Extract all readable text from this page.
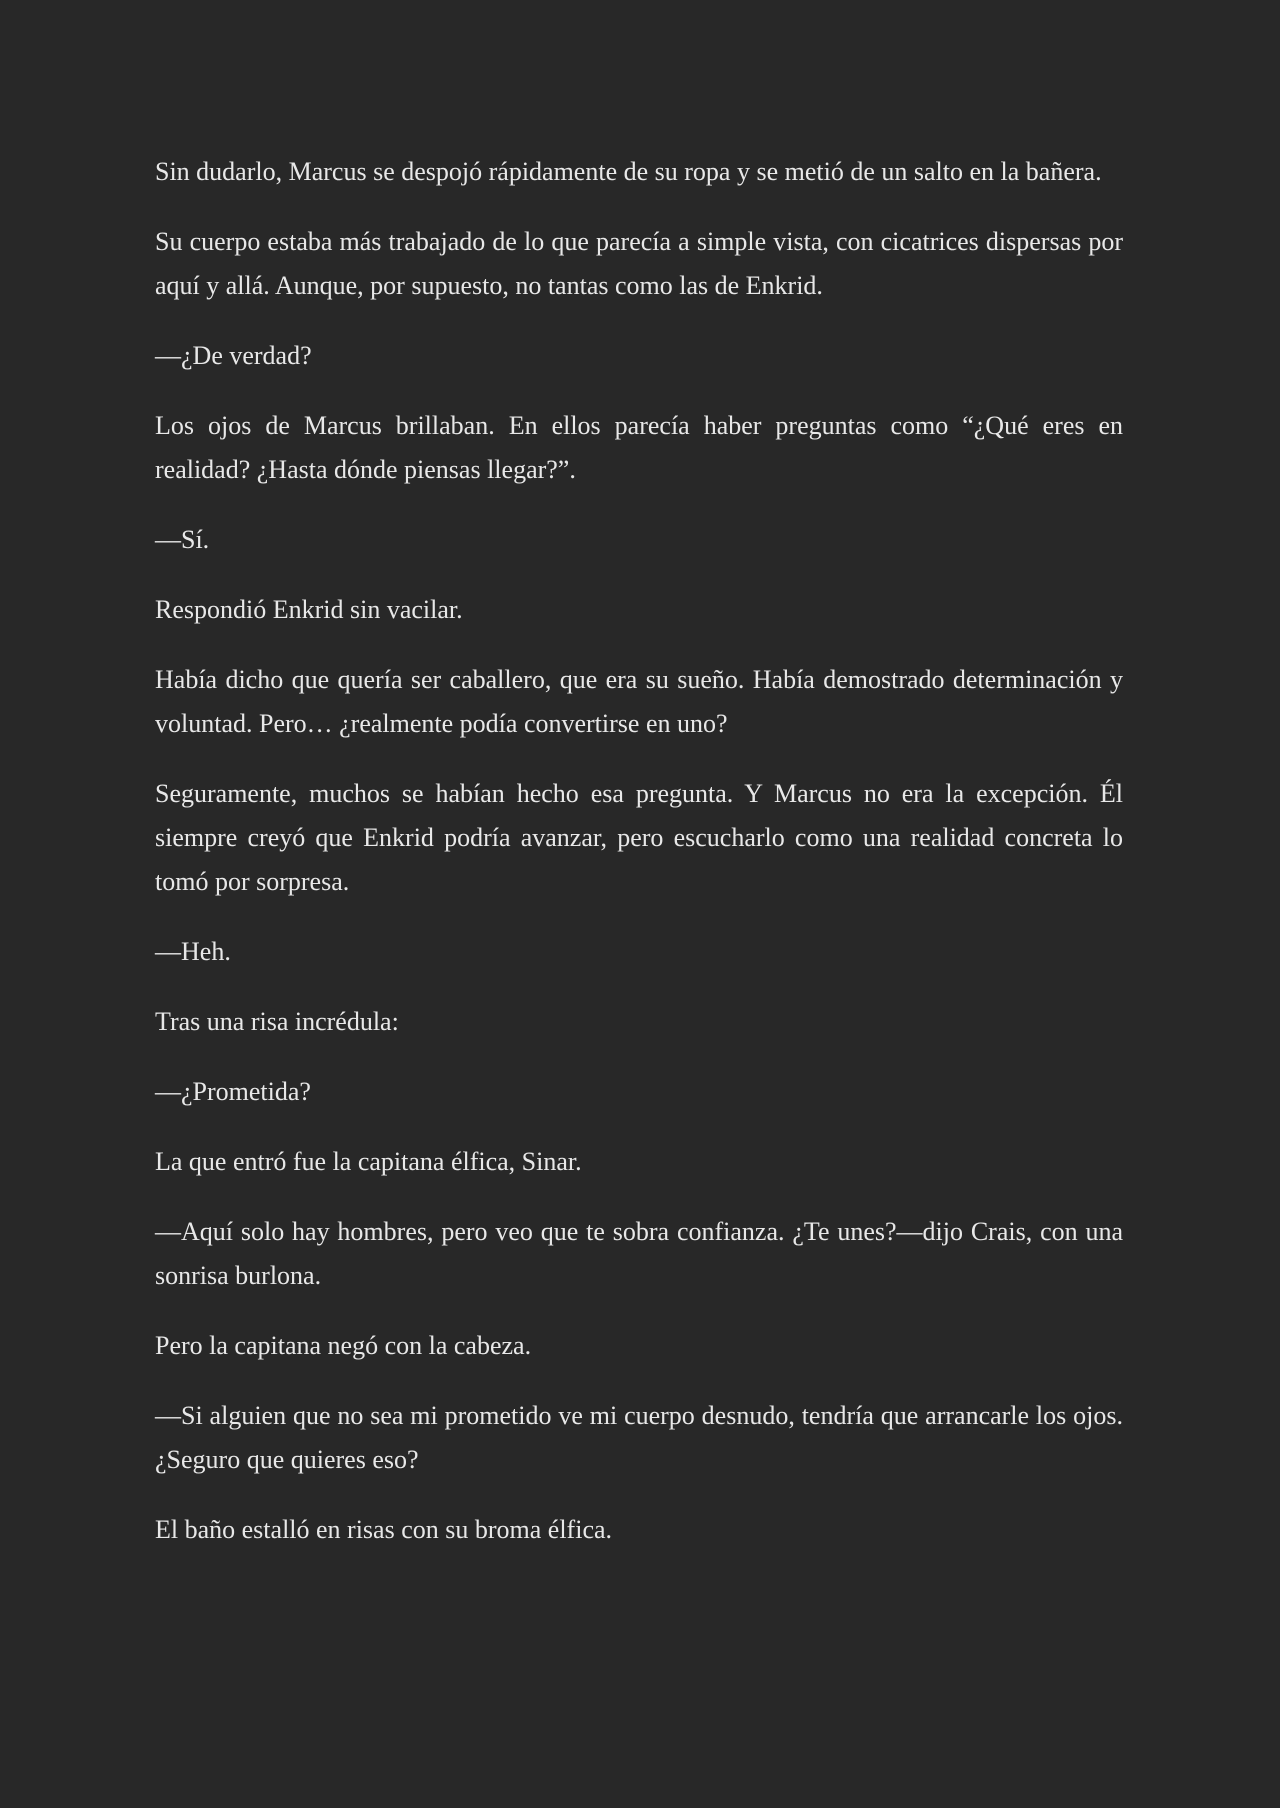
Sin dudarlo, Marcus se despojó rápidamente de su ropa y se metió de un salto en la bañera.

Su cuerpo estaba más trabajado de lo que parecía a simple vista, con cicatrices dispersas por aquí y allá. Aunque, por supuesto, no tantas como las de Enkrid.

—¿De verdad?

Los ojos de Marcus brillaban. En ellos parecía haber preguntas como “¿Qué eres en realidad? ¿Hasta dónde piensas llegar?”.

—Sí.

Respondió Enkrid sin vacilar.

Había dicho que quería ser caballero, que era su sueño. Había demostrado determinación y voluntad. Pero… ¿realmente podía convertirse en uno?

Seguramente, muchos se habían hecho esa pregunta. Y Marcus no era la excepción. Él siempre creyó que Enkrid podría avanzar, pero escucharlo como una realidad concreta lo tomó por sorpresa.

—Heh.

Tras una risa incrédula:

—¿Prometida?

La que entró fue la capitana élfica, Sinar.

—Aquí solo hay hombres, pero veo que te sobra confianza. ¿Te unes?—dijo Crais, con una sonrisa burlona.

Pero la capitana negó con la cabeza.

—Si alguien que no sea mi prometido ve mi cuerpo desnudo, tendría que arrancarle los ojos. ¿Seguro que quieres eso?

El baño estalló en risas con su broma élfica.
